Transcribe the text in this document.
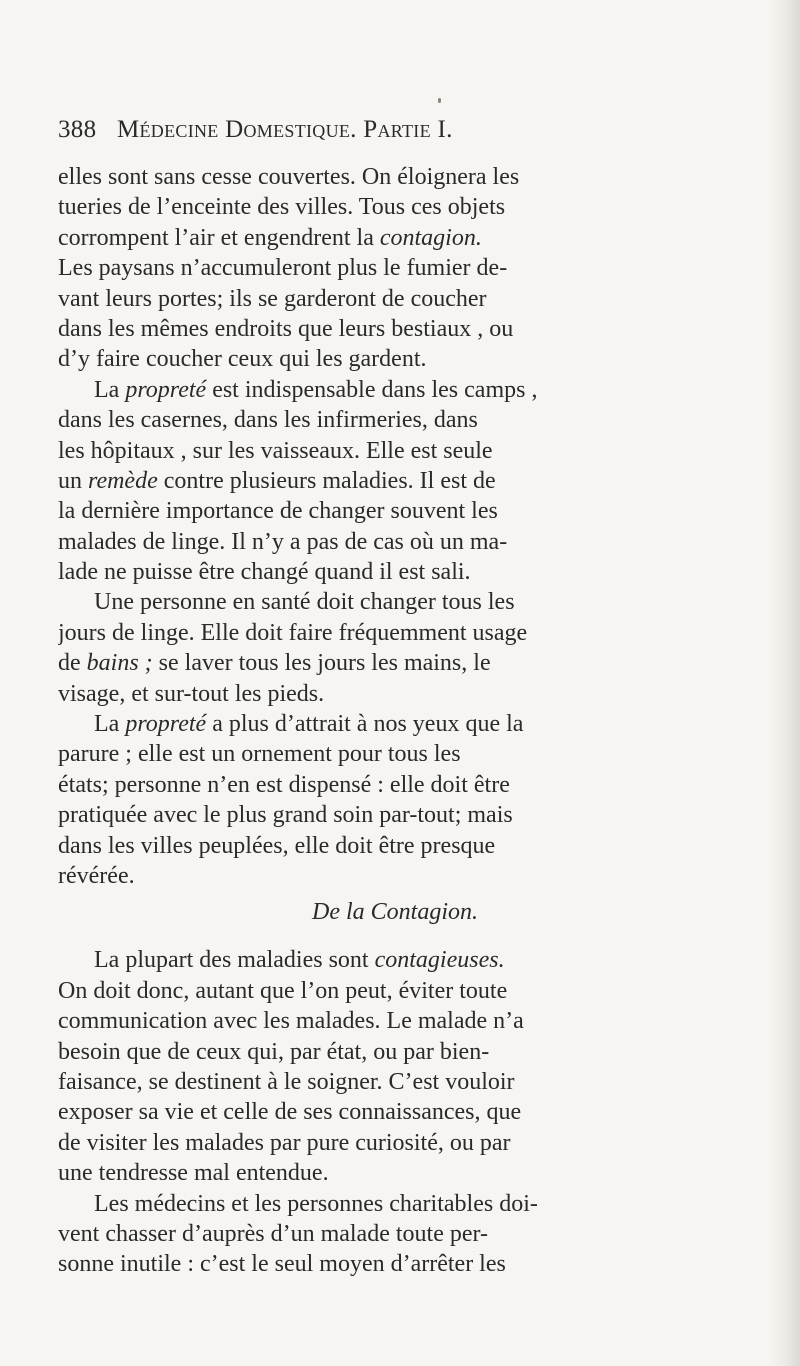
388 Médecine Domestique. Partie I.
elles sont sans cesse couvertes. On éloignera les
tueries de l’enceinte des villes. Tous ces objets
corrompent l’air et engendrent la contagion.
Les paysans n’accumuleront plus le fumier de-
vant leurs portes; ils se garderont de coucher
dans les mêmes endroits que leurs bestiaux , ou
d’y faire coucher ceux qui les gardent.
La propreté est indispensable dans les camps ,
dans les casernes, dans les infirmeries, dans
les hôpitaux , sur les vaisseaux. Elle est seule
un remède contre plusieurs maladies. Il est de
la dernière importance de changer souvent les
malades de linge. Il n’y a pas de cas où un ma-
lade ne puisse être changé quand il est sali.
Une personne en santé doit changer tous les
jours de linge. Elle doit faire fréquemment usage
de bains ; se laver tous les jours les mains, le
visage, et sur-tout les pieds.
La propreté a plus d’attrait à nos yeux que la
parure ; elle est un ornement pour tous les
états; personne n’en est dispensé : elle doit être
pratiquée avec le plus grand soin par-tout; mais
dans les villes peuplées, elle doit être presque
révérée.
De la Contagion.
La plupart des maladies sont contagieuses.
On doit donc, autant que l’on peut, éviter toute
communication avec les malades. Le malade n’a
besoin que de ceux qui, par état, ou par bien-
faisance, se destinent à le soigner. C’est vouloir
exposer sa vie et celle de ses connaissances, que
de visiter les malades par pure curiosité, ou par
une tendresse mal entendue.
Les médecins et les personnes charitables doi-
vent chasser d’auprès d’un malade toute per-
sonne inutile : c’est le seul moyen d’arrêter les
